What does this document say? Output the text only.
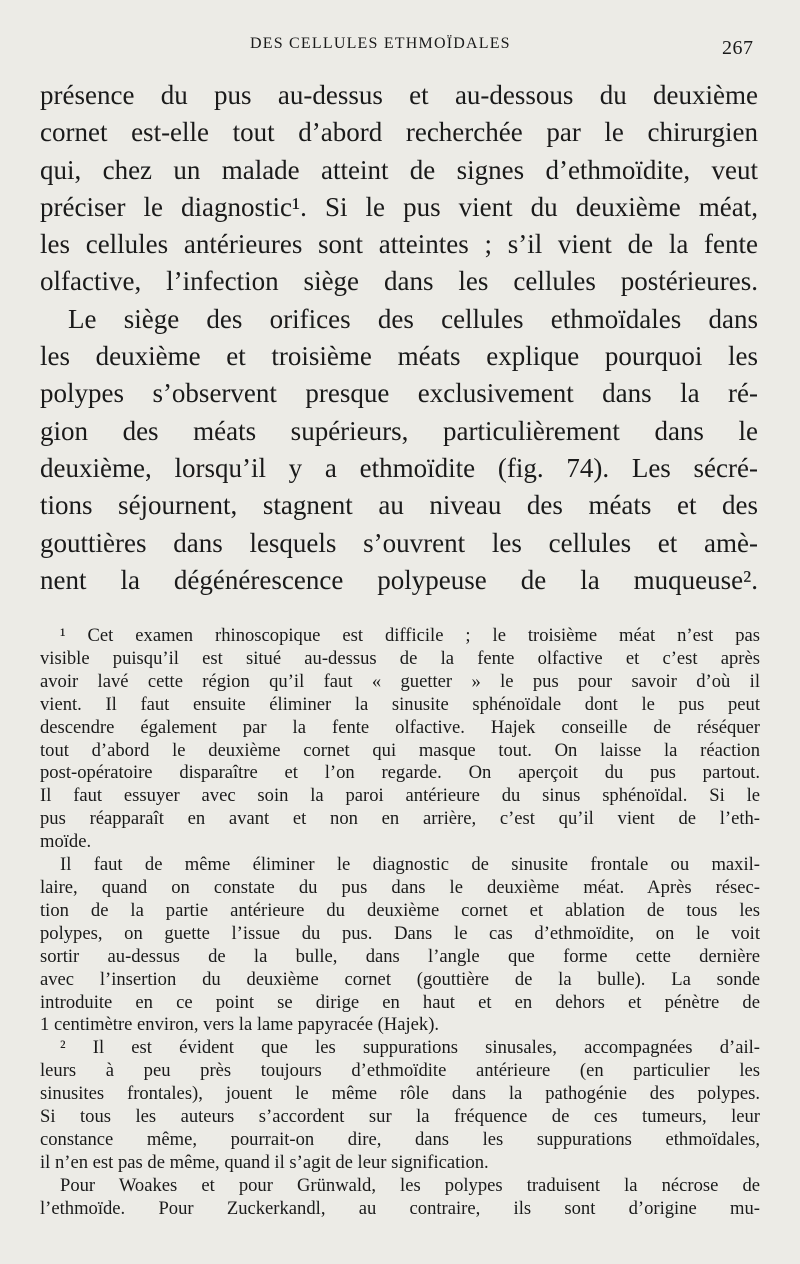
DES CELLULES ETHMOÏDALES	267
présence du pus au-dessus et au-dessous du deuxième
cornet est-elle tout d’abord recherchée par le chirurgien
qui, chez un malade atteint de signes d’ethmoïdite, veut
préciser le diagnostic¹. Si le pus vient du deuxième méat,
les cellules antérieures sont atteintes ; s’il vient de la fente
olfactive, l’infection siège dans les cellules postérieures.
Le siège des orifices des cellules ethmoïdales dans
les deuxième et troisième méats explique pourquoi les
polypes s’observent presque exclusivement dans la ré-
gion des méats supérieurs, particulièrement dans le
deuxième, lorsqu’il y a ethmoïdite (fig. 74). Les sécré-
tions séjournent, stagnent au niveau des méats et des
gouttières dans lesquels s’ouvrent les cellules et amè-
nent la dégénérescence polypeuse de la muqueuse².
¹ Cet examen rhinoscopique est difficile ; le troisième méat n’est pas
visible puisqu’il est situé au-dessus de la fente olfactive et c’est après
avoir lavé cette région qu’il faut « guetter » le pus pour savoir d’où il
vient. Il faut ensuite éliminer la sinusite sphénoïdale dont le pus peut
descendre également par la fente olfactive. Hajek conseille de réséquer
tout d’abord le deuxième cornet qui masque tout. On laisse la réaction
post-opératoire disparaître et l’on regarde. On aperçoit du pus partout.
Il faut essuyer avec soin la paroi antérieure du sinus sphénoïdal. Si le
pus réapparaît en avant et non en arrière, c’est qu’il vient de l’eth-
moïde.
Il faut de même éliminer le diagnostic de sinusite frontale ou maxil-
laire, quand on constate du pus dans le deuxième méat. Après résec-
tion de la partie antérieure du deuxième cornet et ablation de tous les
polypes, on guette l’issue du pus. Dans le cas d’ethmoïdite, on le voit
sortir au-dessus de la bulle, dans l’angle que forme cette dernière
avec l’insertion du deuxième cornet (gouttière de la bulle). La sonde
introduite en ce point se dirige en haut et en dehors et pénètre de
1 centimètre environ, vers la lame papyracée (Hajek).
² Il est évident que les suppurations sinusales, accompagnées d’ail-
leurs à peu près toujours d’ethmoïdite antérieure (en particulier les
sinusites frontales), jouent le même rôle dans la pathogénie des polypes.
Si tous les auteurs s’accordent sur la fréquence de ces tumeurs, leur
constance même, pourrait-on dire, dans les suppurations ethmoïdales,
il n’en est pas de même, quand il s’agit de leur signification.
Pour Woakes et pour Grünwald, les polypes traduisent la nécrose de
l’ethmoïde. Pour Zuckerkandl, au contraire, ils sont d’origine mu-
